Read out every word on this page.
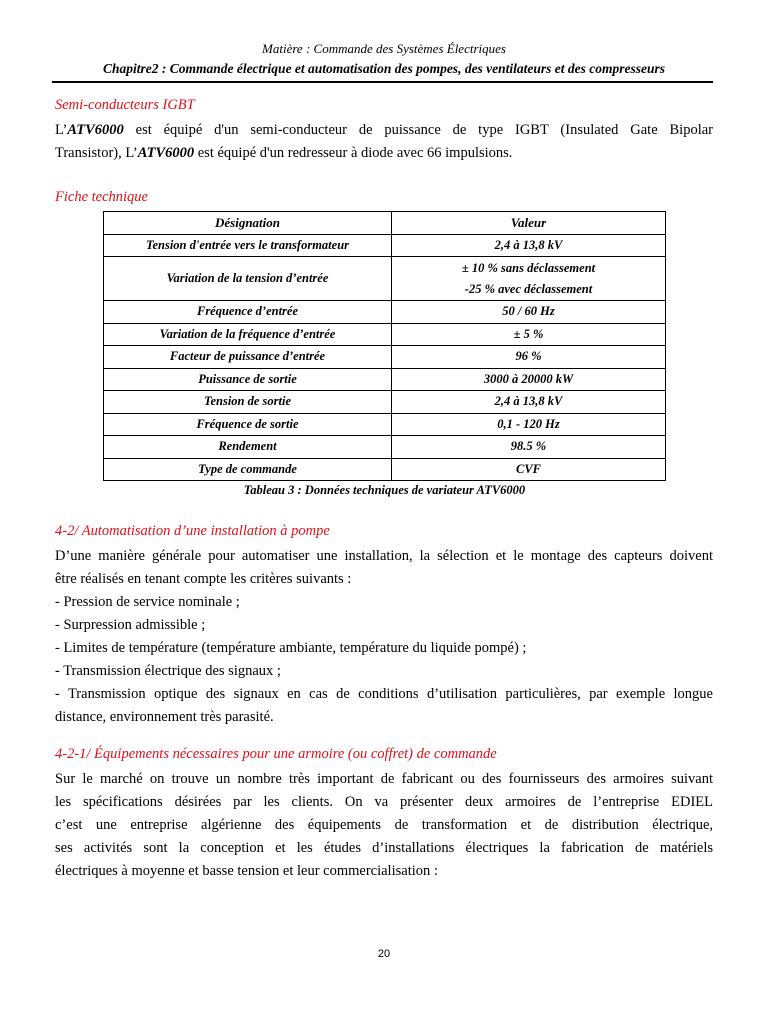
Matière : Commande des Systèmes Électriques
Chapitre2 : Commande électrique et automatisation des pompes, des ventilateurs et des compresseurs
Semi-conducteurs IGBT
L’ATV6000 est équipé d'un semi-conducteur de puissance de type IGBT (Insulated Gate Bipolar
Transistor), L’ATV6000 est équipé d'un redresseur à diode avec 66 impulsions.
Fiche technique
Désignation	Valeur
Tension d'entrée vers le transformateur	2,4 à 13,8 kV
Variation de la tension d’entrée	± 10 % sans déclassement
-25 % avec déclassement

Fréquence d’entrée	50 / 60 Hz
Variation de la fréquence d’entrée	± 5 %
Facteur de puissance d’entrée	96 %
Puissance de sortie	3000 à 20000 kW
Tension de sortie	2,4 à 13,8 kV
Fréquence de sortie	0,1 - 120 Hz
Rendement	98.5 %
Type de commande	CVF
Tableau 3 : Données techniques de variateur ATV6000
4-2/ Automatisation d’une installation à pompe
D’une manière générale pour automatiser une installation, la sélection et le montage des capteurs doivent
être réalisés en tenant compte les critères suivants :
- Pression de service nominale ;
- Surpression admissible ;
- Limites de température (température ambiante, température du liquide pompé) ;
- Transmission électrique des signaux ;
- Transmission optique des signaux en cas de conditions d’utilisation particulières, par exemple longue
distance, environnement très parasité.
4-2-1/ Équipements nécessaires pour une armoire (ou coffret) de commande
Sur le marché on trouve un nombre très important de fabricant ou des fournisseurs des armoires suivant
les spécifications désirées par les clients. On va présenter deux armoires de l’entreprise EDIEL
c’est une entreprise algérienne des équipements de transformation et de distribution électrique,
ses activités sont la conception et les études d’installations électriques la fabrication de matériels
électriques à moyenne et basse tension et leur commercialisation :
20
